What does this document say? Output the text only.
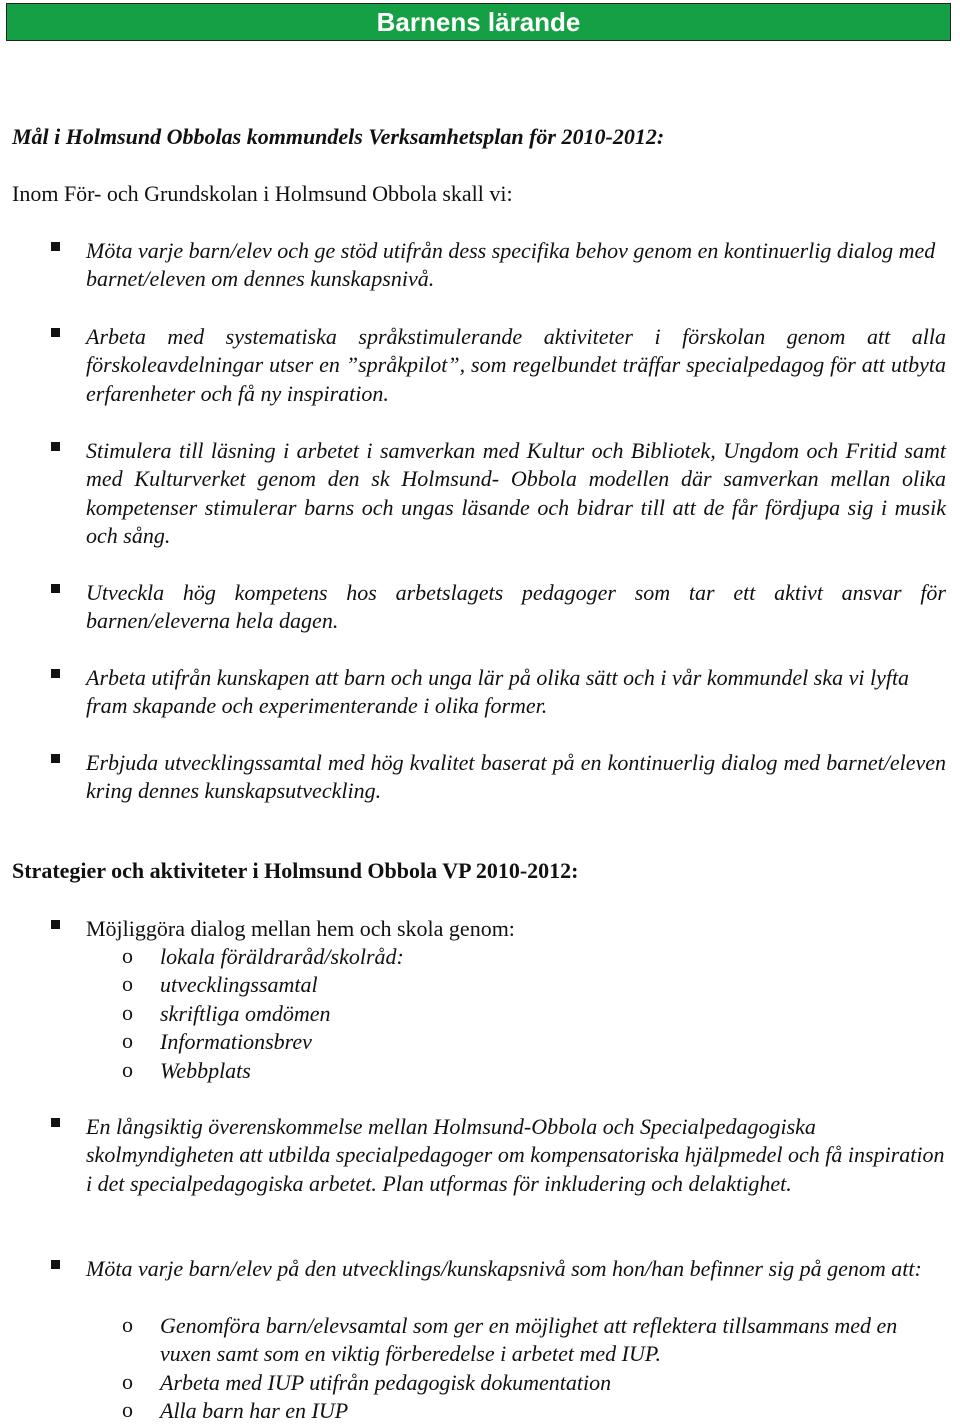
Barnens lärande
Mål i Holmsund Obbolas kommundels Verksamhetsplan för 2010-2012:
Inom För- och Grundskolan i Holmsund Obbola skall vi:
Möta varje barn/elev och ge stöd utifrån dess specifika behov genom en kontinuerlig dialog med barnet/eleven om dennes kunskapsnivå.
Arbeta med systematiska språkstimulerande aktiviteter i förskolan genom att alla förskoleavdelningar utser en ”språkpilot”, som regelbundet träffar specialpedagog för att utbyta erfarenheter och få ny inspiration.
Stimulera till läsning i arbetet i samverkan med Kultur och Bibliotek, Ungdom och Fritid samt med Kulturverket genom den sk Holmsund- Obbola modellen där samverkan mellan olika kompetenser stimulerar barns och ungas läsande och bidrar till att de får fördjupa sig i musik och sång.
Utveckla hög kompetens hos arbetslagets pedagoger som tar ett aktivt ansvar för barnen/eleverna hela dagen.
Arbeta utifrån kunskapen att barn och unga lär på olika sätt och i vår kommundel ska vi lyfta fram skapande och experimenterande i olika former.
Erbjuda utvecklingssamtal med hög kvalitet baserat på en kontinuerlig dialog med barnet/eleven kring dennes kunskapsutveckling.
Strategier och aktiviteter i Holmsund Obbola VP 2010-2012:
Möjliggöra dialog mellan hem och skola genom:
o lokala föräldraråd/skolråd:
o utvecklingssamtal
o skriftliga omdömen
o Informationsbrev
o Webbplats
En långsiktig överenskommelse mellan Holmsund-Obbola och Specialpedagogiska skolmyndigheten att utbilda specialpedagoger om kompensatoriska hjälpmedel och få inspiration i det specialpedagogiska arbetet. Plan utformas för inkludering och delaktighet.
Möta varje barn/elev på den utvecklings/kunskapsnivå som hon/han befinner sig på genom att:
o Genomföra barn/elevsamtal som ger en möjlighet att reflektera tillsammans med en vuxen samt som en viktig förberedelse i arbetet med IUP.
o Arbeta med IUP utifrån pedagogisk dokumentation
o Alla barn har en IUP
